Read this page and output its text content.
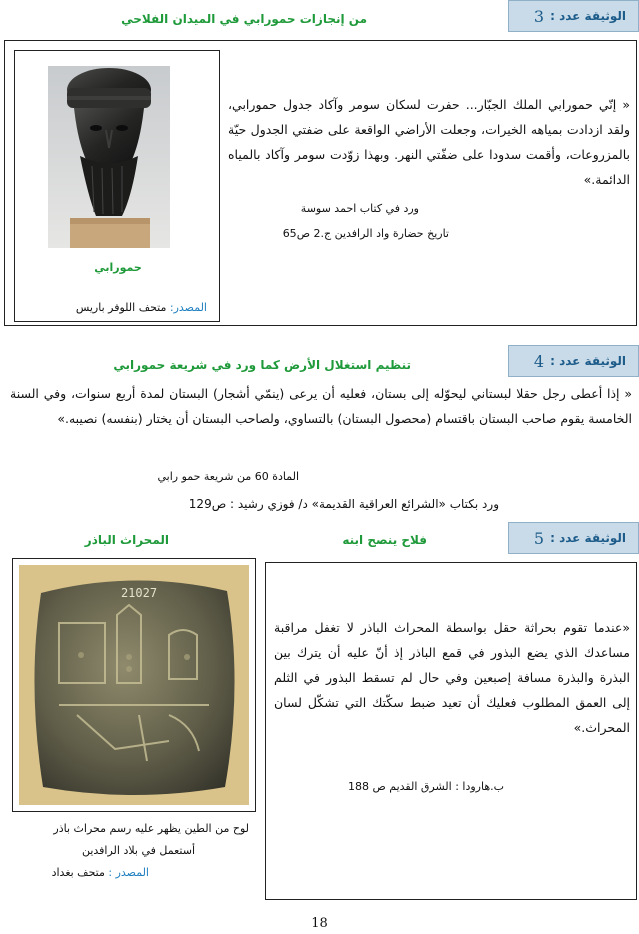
الوثيقة عدد :
3
من إنجازات حمورابي في الميدان الفلاحي
حمورابي
المصدر: متحف اللوفر باريس
« إنّي حمورابي الملك الجبّار... حفرت لسكان سومر وآكاد جدول حمورابي، ولقد ازدادت بمياهه الخيرات، وجعلت الأراضي الواقعة على ضفتي الجدول حيّة بالمزروعات، وأقمت سدودا على ضفّتي النهر. وبهذا زوّدت سومر وآكاد بالمياه الدائمة.»
ورد في كتاب احمد سوسة
تاريخ حضارة واد الرافدين ج.2 ص65
الوثيقة عدد :
4
تنظيم استغلال الأرض كما ورد في شريعة حمورابي
« إذا أعطى رجل حقلا لبستاني ليحوّله إلى بستان، فعليه أن يرعى (ينمّي أشجار) البستان لمدة أربع سنوات، وفي السنة الخامسة يقوم صاحب البستان باقتسام (محصول البستان) بالتساوي، ولصاحب البستان أن يختار (بنفسه) نصيبه.»
المادة 60 من شريعة حمو رابي
ورد بكتاب «الشرائع العراقية القديمة» د/ فوزي رشيد : ص129
الوثيقة عدد :
5
فلاح ينصح ابنه
المحراث الباذر
«عندما تقوم بحراثة حقل بواسطة المحراث الباذر لا تغفل مراقبة مساعدك الذي يضع البذور في قمع الباذر إذ أنّ عليه أن يترك بين البذرة والبذرة مسافة إصبعين وفي حال لم تسقط البذور في الثلم إلى العمق المطلوب فعليك أن تعيد ضبط سكّتك التي تشكّل لسان المحراث.»
ب.هارودا : الشرق القديم ص 188
21027
لوح من الطين يظهر عليه رسم محراث باذر
أستعمل في بلاد الرافدين
المصدر : متحف بغداد
18
